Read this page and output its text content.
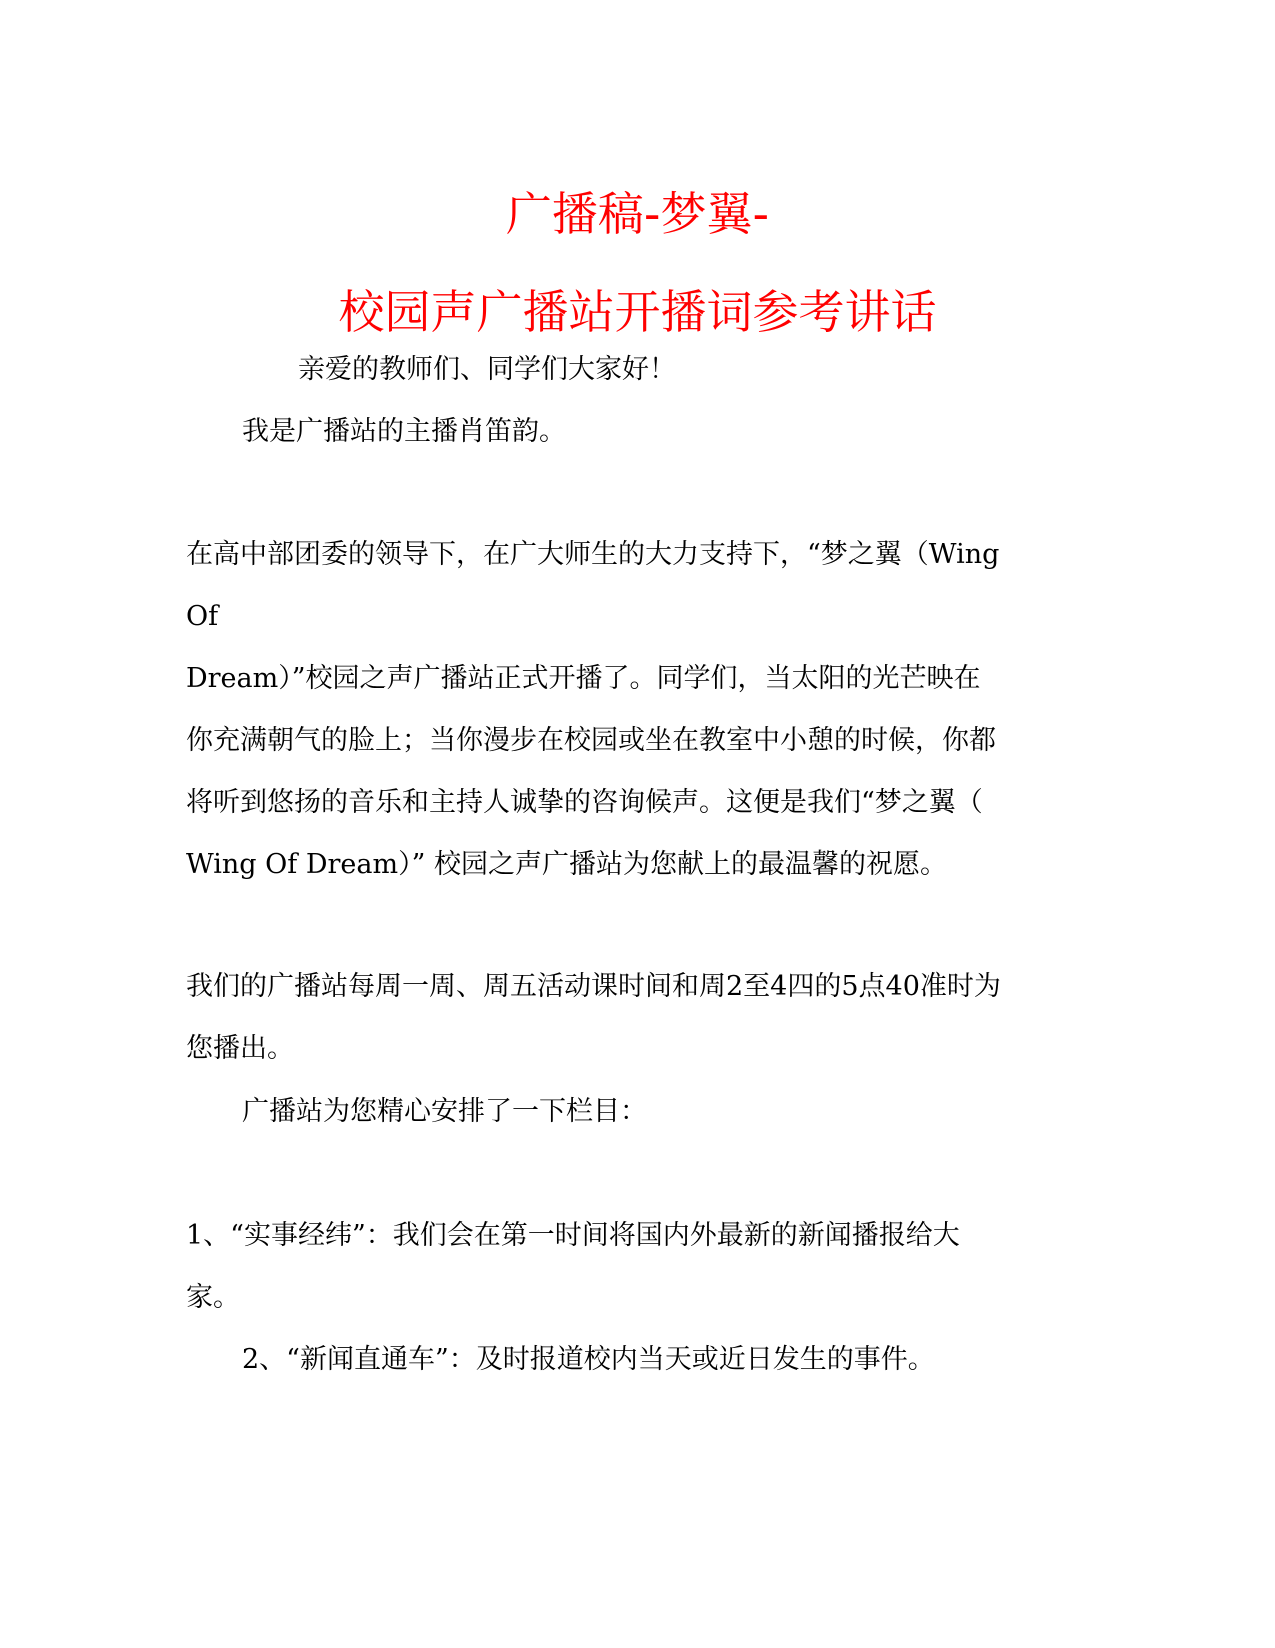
广播稿-梦翼-
校园声广播站开播词参考讲话
亲爱的教师们、同学们大家好！
我是广播站的主播肖笛韵。
在高中部团委的领导下，在广大师生的大力支持下，“梦之翼（Wing
Of
Dream）”校园之声广播站正式开播了。同学们，当太阳的光芒映在
你充满朝气的脸上；当你漫步在校园或坐在教室中小憩的时候，你都
将听到悠扬的音乐和主持人诚挚的咨询候声。这便是我们“梦之翼（
Wing Of Dream）” 校园之声广播站为您献上的最温馨的祝愿。
我们的广播站每周一周、周五活动课时间和周2至4四的5点40准时为
您播出。
广播站为您精心安排了一下栏目：
1、“实事经纬”：我们会在第一时间将国内外最新的新闻播报给大
家。
2、“新闻直通车”：及时报道校内当天或近日发生的事件。
